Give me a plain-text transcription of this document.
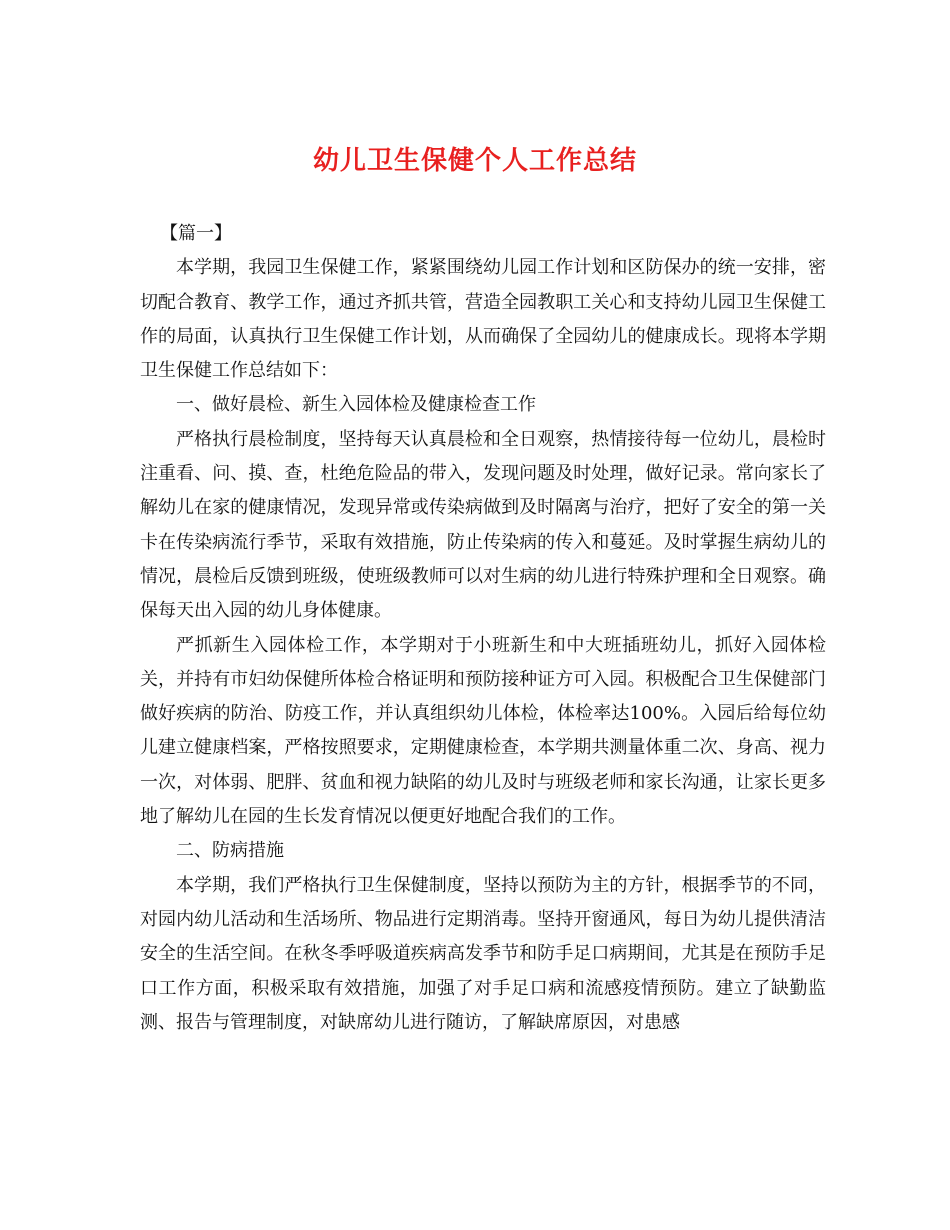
幼儿卫生保健个人工作总结

【篇一】

本学期，我园卫生保健工作，紧紧围绕幼儿园工作计划和区防保办的统一安排，密切配合教育、教学工作，通过齐抓共管，营造全园教职工关心和支持幼儿园卫生保健工作的局面，认真执行卫生保健工作计划，从而确保了全园幼儿的健康成长。现将本学期卫生保健工作总结如下：

一、做好晨检、新生入园体检及健康检查工作

严格执行晨检制度，坚持每天认真晨检和全日观察，热情接待每一位幼儿，晨检时注重看、问、摸、查，杜绝危险品的带入，发现问题及时处理，做好记录。常向家长了解幼儿在家的健康情况，发现异常或传染病做到及时隔离与治疗，把好了安全的第一关卡在传染病流行季节，采取有效措施，防止传染病的传入和蔓延。及时掌握生病幼儿的情况，晨检后反馈到班级，使班级教师可以对生病的幼儿进行特殊护理和全日观察。确保每天出入园的幼儿身体健康。

严抓新生入园体检工作，本学期对于小班新生和中大班插班幼儿，抓好入园体检关，并持有市妇幼保健所体检合格证明和预防接种证方可入园。积极配合卫生保健部门做好疾病的防治、防疫工作，并认真组织幼儿体检，体检率达100%。入园后给每位幼儿建立健康档案，严格按照要求，定期健康检查，本学期共测量体重二次、身高、视力一次，对体弱、肥胖、贫血和视力缺陷的幼儿及时与班级老师和家长沟通，让家长更多地了解幼儿在园的生长发育情况以便更好地配合我们的工作。

二、防病措施

本学期，我们严格执行卫生保健制度，坚持以预防为主的方针，根据季节的不同，对园内幼儿活动和生活场所、物品进行定期消毒。坚持开窗通风，每日为幼儿提供清洁安全的生活空间。在秋冬季呼吸道疾病高发季节和防手足口病期间，尤其是在预防手足口工作方面，积极采取有效措施，加强了对手足口病和流感疫情预防。建立了缺勤监测、报告与管理制度，对缺席幼儿进行随访，了解缺席原因，对患感
